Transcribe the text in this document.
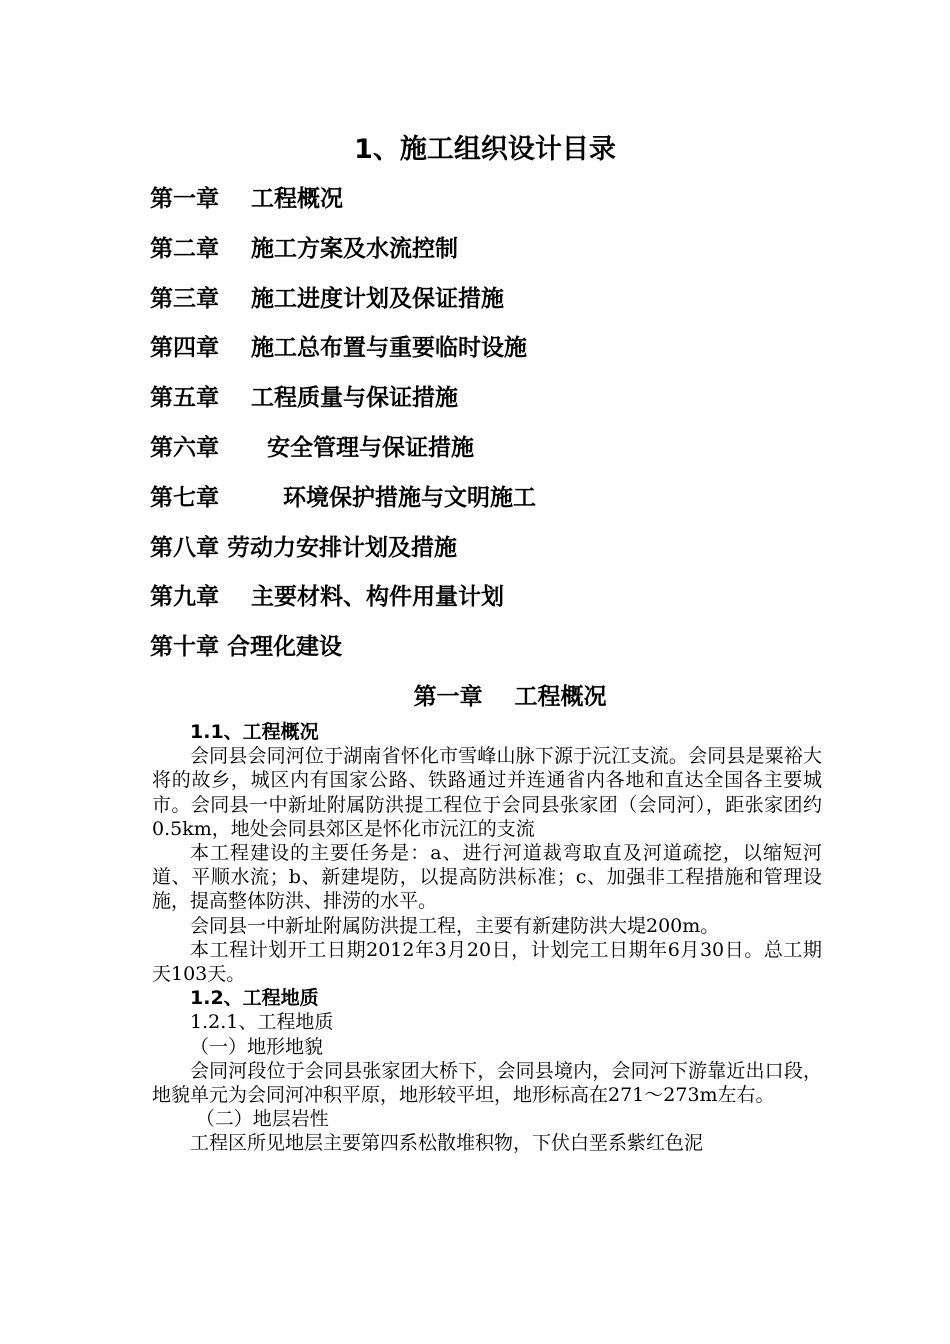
1、施工组织设计目录
第一章    工程概况
第二章    施工方案及水流控制
第三章    施工进度计划及保证措施
第四章    施工总布置与重要临时设施
第五章    工程质量与保证措施
第六章      安全管理与保证措施
第七章        环境保护措施与文明施工
第八章 劳动力安排计划及措施
第九章    主要材料、构件用量计划
第十章 合理化建设
第一章    工程概况

1.1、工程概况

会同县会同河位于湖南省怀化市雪峰山脉下源于沅江支流。会同县是粟裕大将的故乡，城区内有国家公路、铁路通过并连通省内各地和直达全国各主要城市。会同县一中新址附属防洪提工程位于会同县张家团（会同河），距张家团约0.5km，地处会同县郊区是怀化市沅江的支流

本工程建设的主要任务是：a、进行河道裁弯取直及河道疏挖，以缩短河道、平顺水流；b、新建堤防，以提高防洪标准；c、加强非工程措施和管理设施，提高整体防洪、排涝的水平。

会同县一中新址附属防洪提工程，主要有新建防洪大堤200m。

本工程计划开工日期2012年3月20日，计划完工日期年6月30日。总工期天103天。

1.2、工程地质

1.2.1、工程地质

（一）地形地貌

会同河段位于会同县张家团大桥下，会同县境内，会同河下游靠近出口段，地貌单元为会同河冲积平原，地形较平坦，地形标高在271～273m左右。

（二）地层岩性

工程区所见地层主要第四系松散堆积物，下伏白垩系紫红色泥
